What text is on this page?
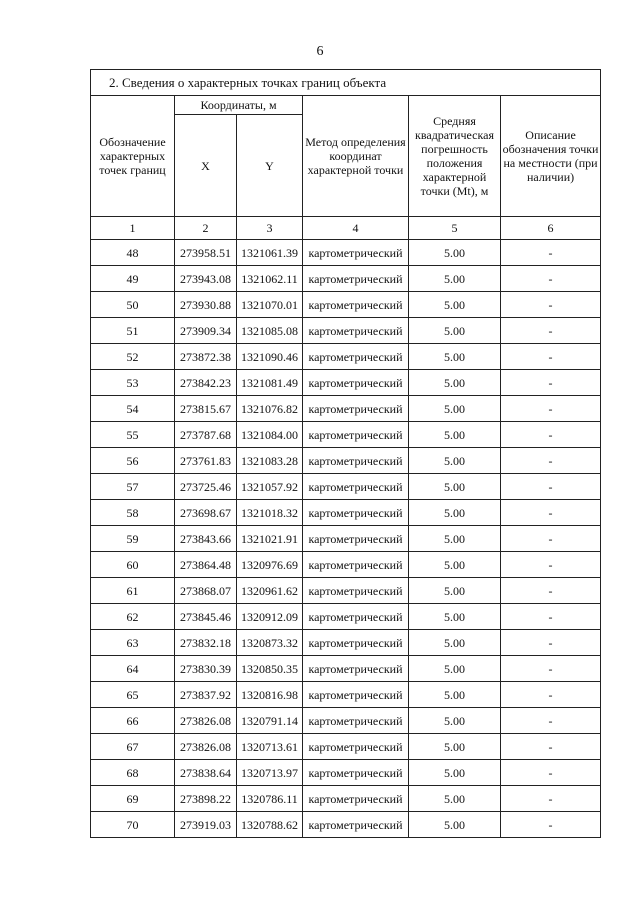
6
2. Сведения о характерных точках границ объекта					
Обозначение характерных точек границ	Координаты, м		Метод определения координат характерной точки	Средняя квадратическая погрешность положения характерной точки (Mt), м	Описание обозначения точки на местности (при наличии)
	X	Y			
1	2	3	4	5	6
48	273958.51	1321061.39	картометрический	5.00	-
49	273943.08	1321062.11	картометрический	5.00	-
50	273930.88	1321070.01	картометрический	5.00	-
51	273909.34	1321085.08	картометрический	5.00	-
52	273872.38	1321090.46	картометрический	5.00	-
53	273842.23	1321081.49	картометрический	5.00	-
54	273815.67	1321076.82	картометрический	5.00	-
55	273787.68	1321084.00	картометрический	5.00	-
56	273761.83	1321083.28	картометрический	5.00	-
57	273725.46	1321057.92	картометрический	5.00	-
58	273698.67	1321018.32	картометрический	5.00	-
59	273843.66	1321021.91	картометрический	5.00	-
60	273864.48	1320976.69	картометрический	5.00	-
61	273868.07	1320961.62	картометрический	5.00	-
62	273845.46	1320912.09	картометрический	5.00	-
63	273832.18	1320873.32	картометрический	5.00	-
64	273830.39	1320850.35	картометрический	5.00	-
65	273837.92	1320816.98	картометрический	5.00	-
66	273826.08	1320791.14	картометрический	5.00	-
67	273826.08	1320713.61	картометрический	5.00	-
68	273838.64	1320713.97	картометрический	5.00	-
69	273898.22	1320786.11	картометрический	5.00	-
70	273919.03	1320788.62	картометрический	5.00	-
